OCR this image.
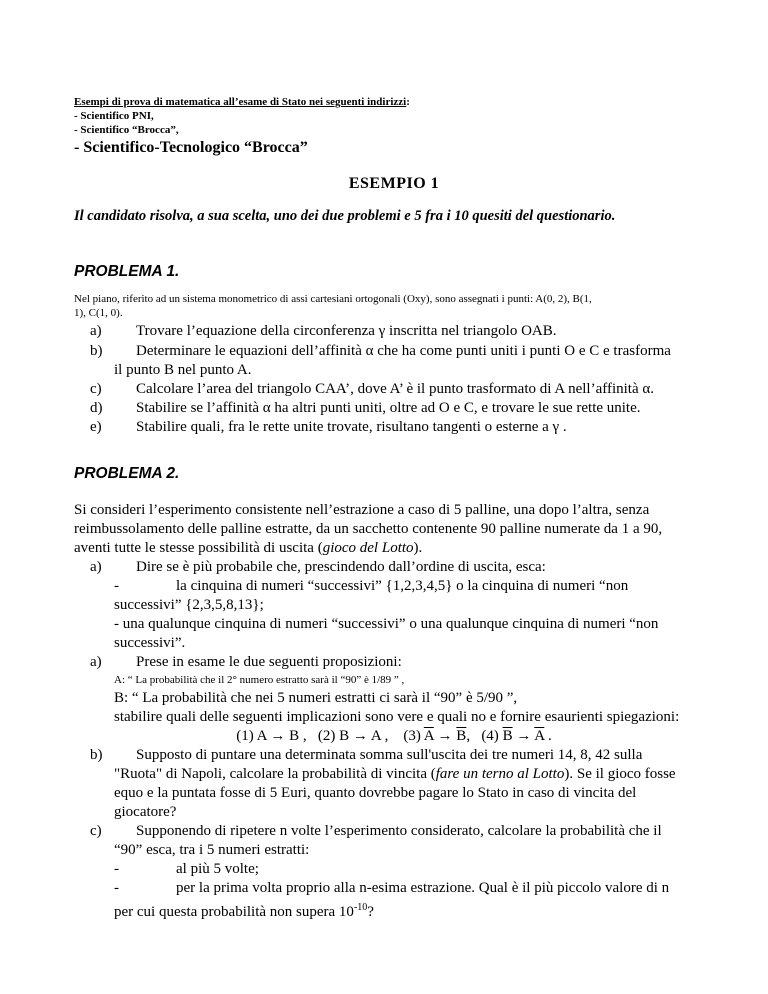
Esempi di prova di matematica all’esame di Stato nei seguenti indirizzi:
- Scientifico PNI,
- Scientifico “Brocca”,
- Scientifico-Tecnologico “Brocca”
ESEMPIO 1
Il candidato risolva, a sua scelta, uno dei due problemi e 5 fra i 10 quesiti del questionario.
PROBLEMA 1.
Nel piano, riferito ad un sistema monometrico di assi cartesiani ortogonali (Oxy), sono assegnati i punti: A(0, 2), B(1,
1), C(1, 0).
a) Trovare l’equazione della circonferenza γ inscritta nel triangolo OAB.
b) Determinare le equazioni dell’affinità α che ha come punti uniti i punti O e C e trasforma
il punto B nel punto A.
c) Calcolare l’area del triangolo CAA’, dove A’ è il punto trasformato di A nell’affinità α.
d) Stabilire se l’affinità α ha altri punti uniti, oltre ad O e C, e trovare le sue rette unite.
e) Stabilire quali, fra le rette unite trovate, risultano tangenti o esterne a γ .
PROBLEMA 2.
Si consideri l’esperimento consistente nell’estrazione a caso di 5 palline, una dopo l’altra, senza
reimbussolamento delle palline estratte, da un sacchetto contenente 90 palline numerate da 1 a 90,
aventi tutte le stesse possibilità di uscita (gioco del Lotto).
a) Dire se è più probabile che, prescindendo dall’ordine di uscita, esca:
-	la cinquina di numeri “successivi” {1,2,3,4,5} o la cinquina di numeri “non
successivi” {2,3,5,8,13};
- una qualunque cinquina di numeri “successivi” o una qualunque cinquina di numeri “non
successivi”.
a) Prese in esame le due seguenti proposizioni:
A: “ La probabilità che il 2° numero estratto sarà il “90” è 1/89 ” ,
B: “ La probabilità che nei 5 numeri estratti ci sarà il “90” è 5/90 ”,
stabilire quali delle seguenti implicazioni sono vere e quali no e fornire esaurienti spiegazioni:
(1) A → B , (2) B → A , (3) $\overline{A} \to \overline{B}$, (4) $\overline{B} \to \overline{A}$ .
b) Supposto di puntare una determinata somma sull'uscita dei tre numeri 14, 8, 42 sulla
"Ruota" di Napoli, calcolare la probabilità di vincita (fare un terno al Lotto). Se il gioco fosse
equo e la puntata fosse di 5 Euri, quanto dovrebbe pagare lo Stato in caso di vincita del
giocatore?
c) Supponendo di ripetere n volte l’esperimento considerato, calcolare la probabilità che il
“90” esca, tra i 5 numeri estratti:
-	al più 5 volte;
-	per la prima volta proprio alla n-esima estrazione. Qual è il più piccolo valore di n
per cui questa probabilità non supera $10^{-10}$?
